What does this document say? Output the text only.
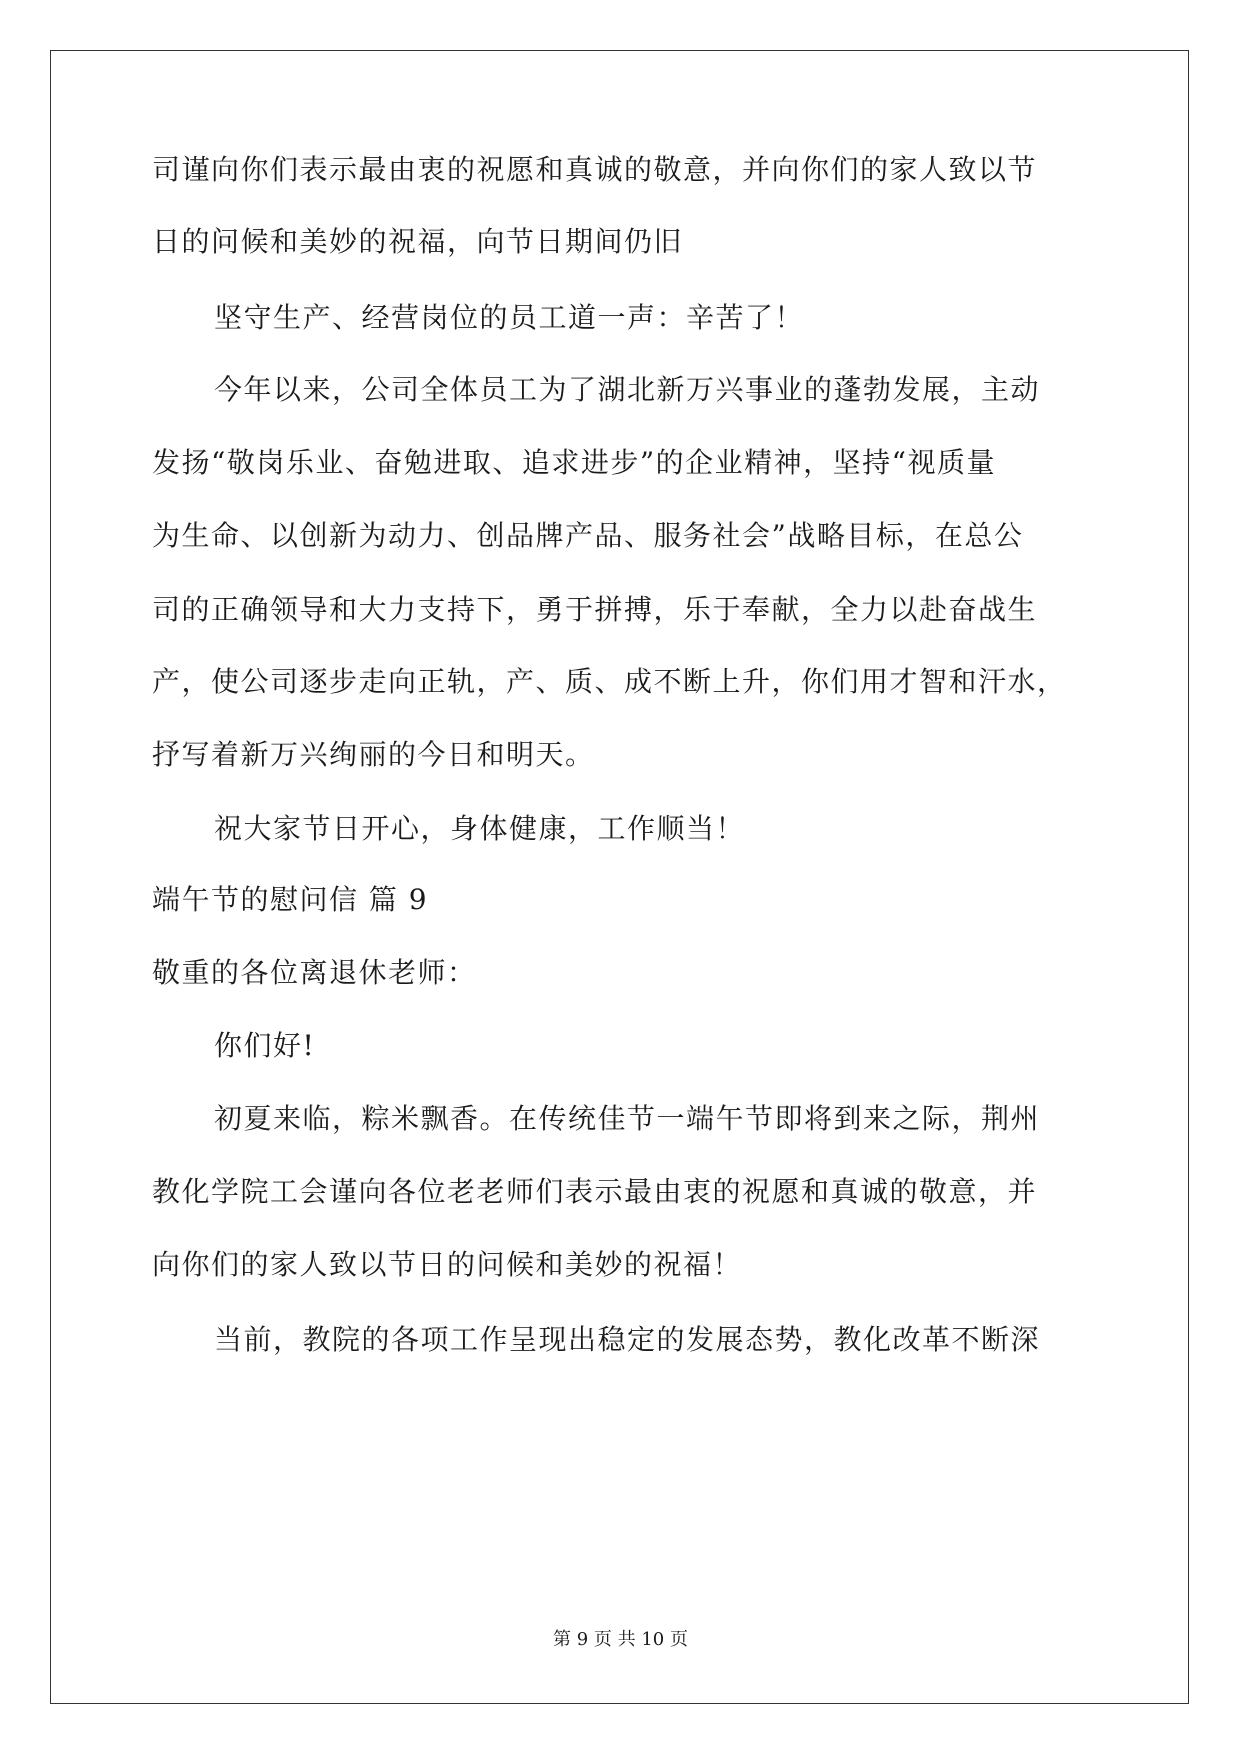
司谨向你们表示最由衷的祝愿和真诚的敬意，并向你们的家人致以节
日的问候和美妙的祝福，向节日期间仍旧
坚守生产、经营岗位的员工道一声：辛苦了！
今年以来，公司全体员工为了湖北新万兴事业的蓬勃发展，主动
发扬“敬岗乐业、奋勉进取、追求进步”的企业精神，坚持“视质量
为生命、以创新为动力、创品牌产品、服务社会”战略目标，在总公
司的正确领导和大力支持下，勇于拼搏，乐于奉献，全力以赴奋战生
产，使公司逐步走向正轨，产、质、成不断上升，你们用才智和汗水，
抒写着新万兴绚丽的今日和明天。
祝大家节日开心，身体健康，工作顺当！
端午节的慰问信 篇 9
敬重的各位离退休老师：
你们好!
初夏来临，粽米飘香。在传统佳节一端午节即将到来之际，荆州
教化学院工会谨向各位老老师们表示最由衷的祝愿和真诚的敬意，并
向你们的家人致以节日的问候和美妙的祝福！
当前，教院的各项工作呈现出稳定的发展态势，教化改革不断深
第 9 页 共 10 页
